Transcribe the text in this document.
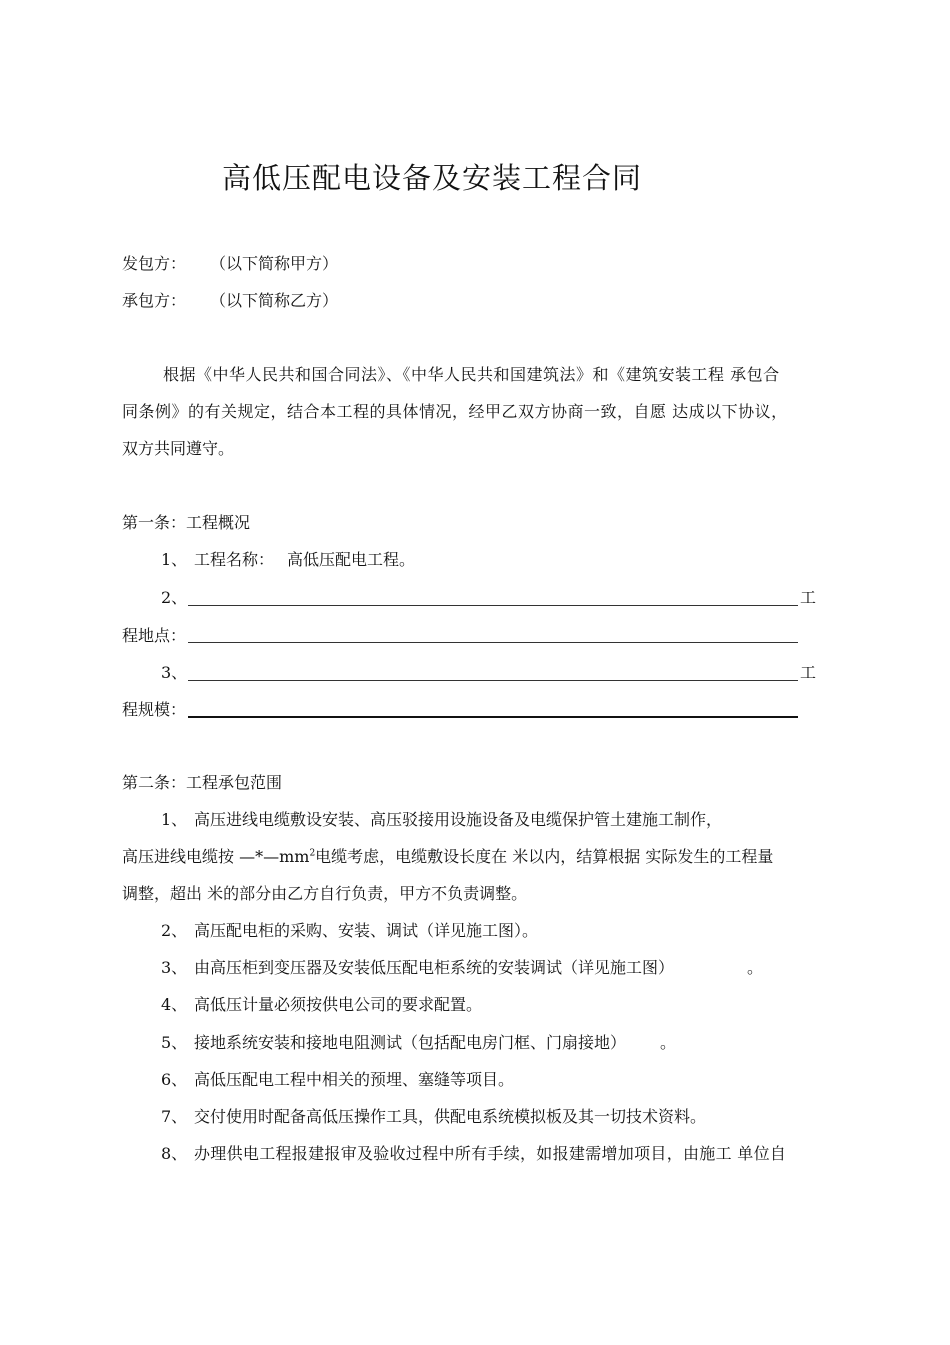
高低压配电设备及安装工程合同
发包方： （以下简称甲方）
承包方： （以下简称乙方）
根据《中华人民共和国合同法》、《中华人民共和国建筑法》和《建筑安装工程 承包合
同条例》的有关规定，结合本工程的具体情况，经甲乙双方协商一致，自愿 达成以下协议，
双方共同遵守。
第一条：工程概况
1、 工程名称： 高低压配电工程。
2、	工
程地点：
3、	工
程规模：
第二条：工程承包范围
1、 高压进线电缆敷设安装、高压驳接用设施设备及电缆保护管土建施工制作，
高压进线电缆按 $—*—mm^2$电缆考虑，电缆敷设长度在 米以内，结算根据 实际发生的工程量
调整，超出 米的部分由乙方自行负责，甲方不负责调整。
2、 高压配电柜的采购、安装、调试（详见施工图）。
3、 由高压柜到变压器及安装低压配电柜系统的安装调试（详见施工图）	。
4、 高低压计量必须按供电公司的要求配置。
5、 接地系统安装和接地电阻测试（包括配电房门框、门扇接地） 。
6、 高低压配电工程中相关的预埋、塞缝等项目。
7、 交付使用时配备高低压操作工具，供配电系统模拟板及其一切技术资料。
8、 办理供电工程报建报审及验收过程中所有手续，如报建需增加项目，由施工 单位自
